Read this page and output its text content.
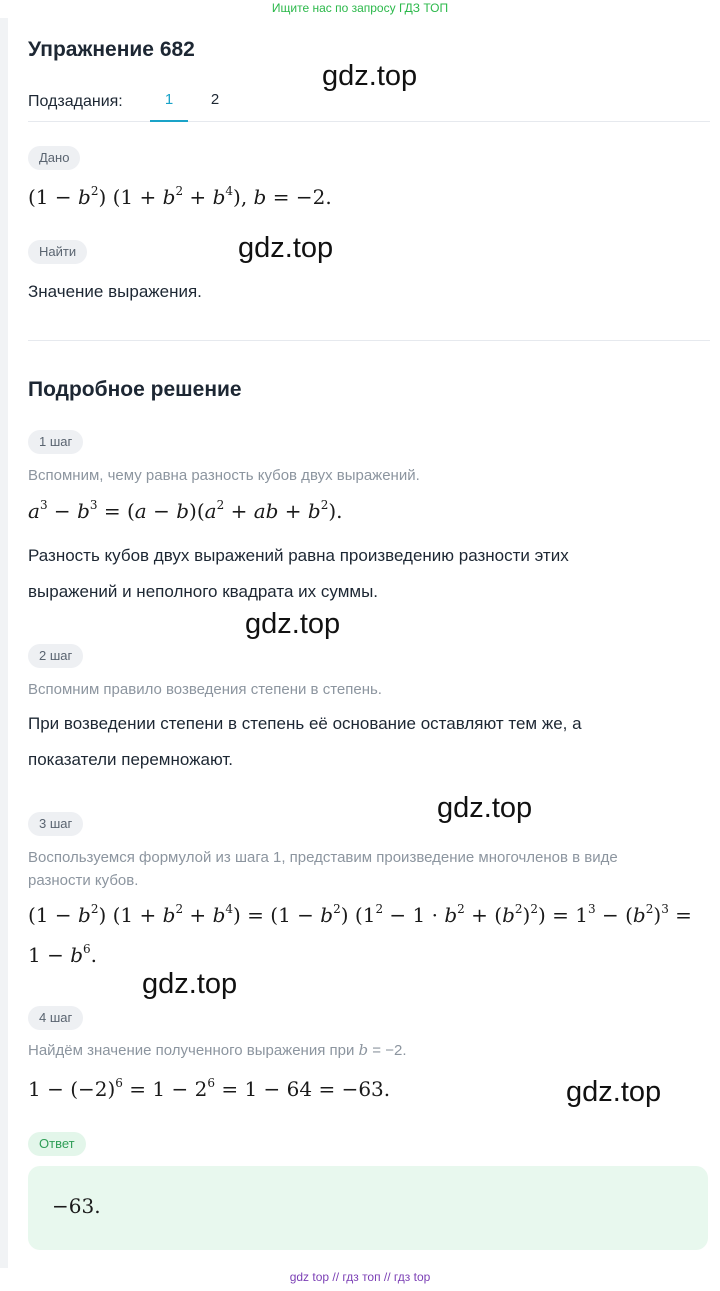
Ищите нас по запросу ГДЗ ТОП
Упражнение 682
Подзадания:	1	2
Дано
$(1 - b^2)$ $(1 + b^2 + b^4)$, b = −2.
Найти
Значение выражения.
Подробное решение
1 шаг
Вспомним, чему равна разность кубов двух выражений.
$a^3 - b^3 = (a - b)(a^2$ + ab + $b^2$).
Разность кубов двух выражений равна произведению разности этих
выражений и неполного квадрата их суммы.
2 шаг
Вспомним правило возведения степени в степень.
При возведении степени в степень её основание оставляют тем же, а
показатели перемножают.
3 шаг
Воспользуемся формулой из шага 1, представим произведение многочленов в виде
разности кубов.
$(1 - b^2)$ $(1 + b^2 + b^4) = (1 - b^2)$ $(1^2 - 1 \cdot b^2 + (b^2)^2) = 1^3 - (b^2)^3$ =
$1 - b^6$.
4 шаг
Найдём значение полученного выражения при b = −2.
$1 - (-2)^6 = 1 - 2^6 = 1 - 64 = -63$.
Ответ
−63.
gdz.top
gdz.top
gdz.top
gdz.top
gdz.top
gdz.top
gdz top // гдз топ // гдз top
